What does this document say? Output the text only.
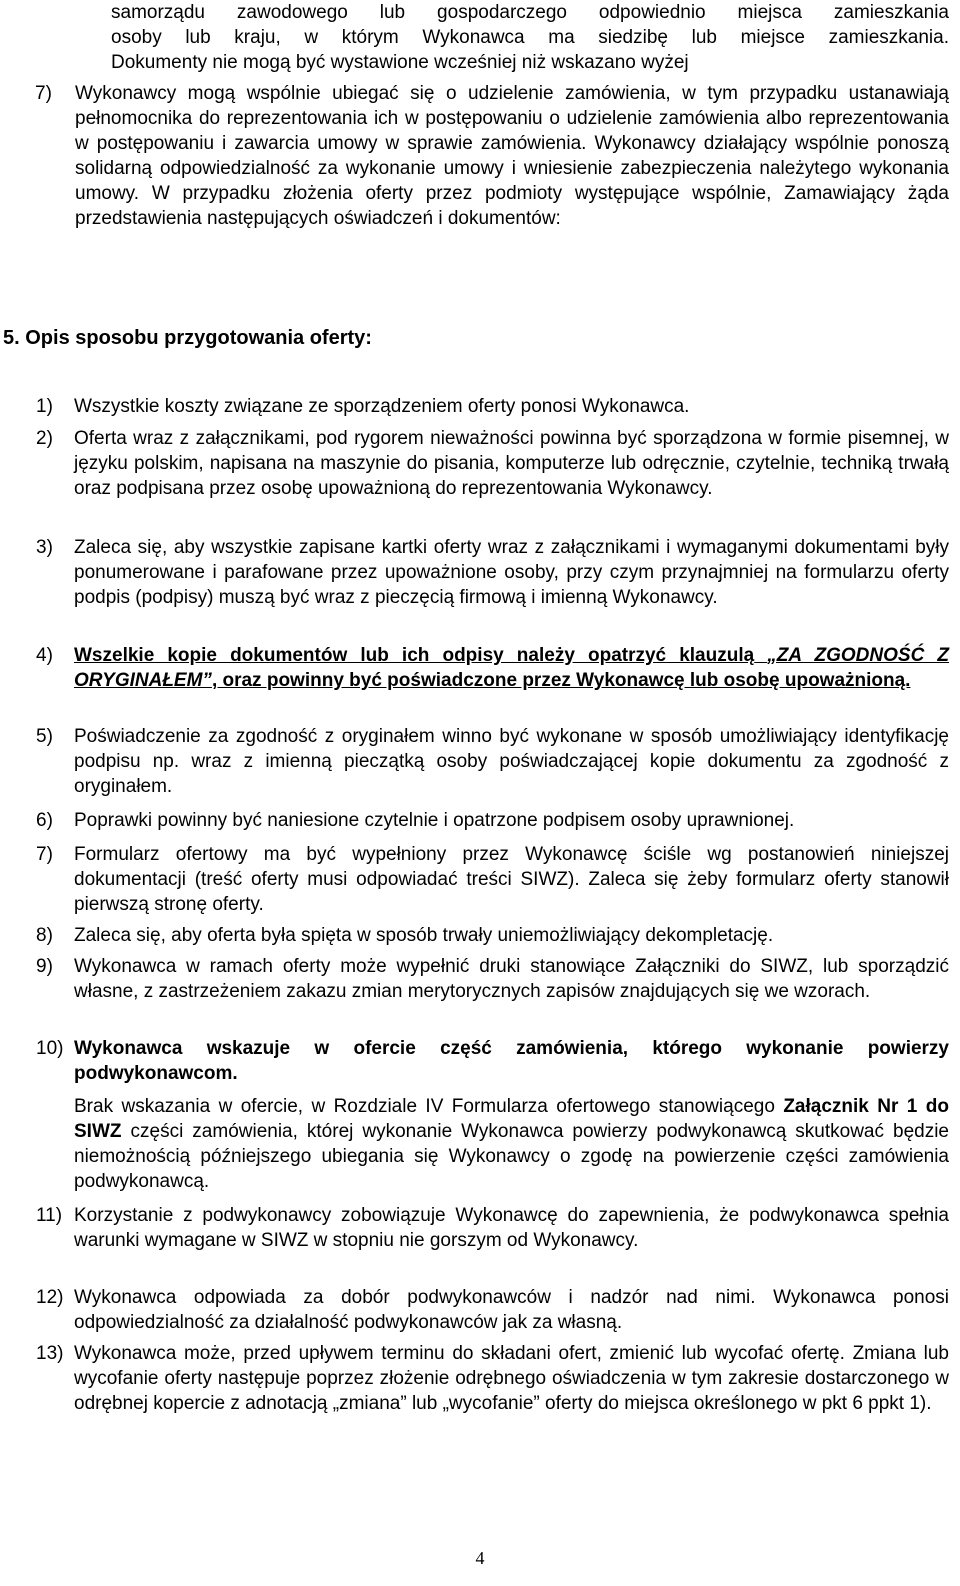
samorządu zawodowego lub gospodarczego odpowiednio miejsca zamieszkania
osoby lub kraju, w którym Wykonawca ma siedzibę lub miejsce zamieszkania.
Dokumenty nie mogą być wystawione wcześniej niż wskazano wyżej
7) Wykonawcy mogą wspólnie ubiegać się o udzielenie zamówienia, w tym przypadku ustanawiają pełnomocnika do reprezentowania ich w postępowaniu o udzielenie zamówienia albo reprezentowania w postępowaniu i zawarcia umowy w sprawie zamówienia. Wykonawcy działający wspólnie ponoszą solidarną odpowiedzialność za wykonanie umowy i wniesienie zabezpieczenia należytego wykonania umowy. W przypadku złożenia oferty przez podmioty występujące wspólnie, Zamawiający żąda przedstawienia następujących oświadczeń i dokumentów:
5. Opis sposobu przygotowania oferty:
1)	Wszystkie koszty związane ze sporządzeniem oferty ponosi Wykonawca.
2)	Oferta wraz z załącznikami, pod rygorem nieważności powinna być sporządzona w formie pisemnej, w języku polskim, napisana na maszynie do pisania, komputerze lub odręcznie, czytelnie, techniką trwałą oraz podpisana przez osobę upoważnioną do reprezentowania Wykonawcy.
3)	Zaleca się, aby wszystkie zapisane kartki oferty wraz z załącznikami i wymaganymi dokumentami były ponumerowane i parafowane przez upoważnione osoby, przy czym przynajmniej na formularzu oferty podpis (podpisy) muszą być wraz z pieczęcią firmową i imienną Wykonawcy.
4)	Wszelkie kopie dokumentów lub ich odpisy należy opatrzyć klauzulą „ZA ZGODNOŚĆ Z ORYGINAŁEM”, oraz powinny być poświadczone przez Wykonawcę lub osobę upoważnioną.
5)	Poświadczenie za zgodność z oryginałem winno być wykonane w sposób umożliwiający identyfikację podpisu np. wraz z imienną pieczątką osoby poświadczającej kopie dokumentu za zgodność z oryginałem.
6)	Poprawki powinny być naniesione czytelnie i opatrzone podpisem osoby uprawnionej.
7)	Formularz ofertowy ma być wypełniony przez Wykonawcę ściśle wg postanowień niniejszej dokumentacji (treść oferty musi odpowiadać treści SIWZ). Zaleca się żeby formularz oferty stanowił pierwszą stronę oferty.
8)	Zaleca się, aby oferta była spięta w sposób trwały uniemożliwiający dekompletację.
9)	Wykonawca w ramach oferty może wypełnić druki stanowiące Załączniki do SIWZ, lub sporządzić własne, z zastrzeżeniem zakazu zmian merytorycznych zapisów znajdujących się we wzorach.
10) Wykonawca wskazuje w ofercie część zamówienia, którego wykonanie powierzy podwykonawcom.
Brak wskazania w ofercie, w Rozdziale IV Formularza ofertowego stanowiącego Załącznik Nr 1 do SIWZ części zamówienia, której wykonanie Wykonawca powierzy podwykonawcą skutkować będzie niemożnością późniejszego ubiegania się Wykonawcy o zgodę na powierzenie części zamówienia podwykonawcą.
11) Korzystanie z podwykonawcy zobowiązuje Wykonawcę do zapewnienia, że podwykonawca spełnia warunki wymagane w SIWZ w stopniu nie gorszym od Wykonawcy.
12) Wykonawca odpowiada za dobór podwykonawców i nadzór nad nimi. Wykonawca ponosi odpowiedzialność za działalność podwykonawców jak za własną.
13) Wykonawca może, przed upływem terminu do składani ofert, zmienić lub wycofać ofertę. Zmiana lub wycofanie oferty następuje poprzez złożenie odrębnego oświadczenia w tym zakresie dostarczonego w odrębnej kopercie z adnotacją „zmiana” lub „wycofanie” oferty do miejsca określonego w pkt 6 ppkt 1).
4
